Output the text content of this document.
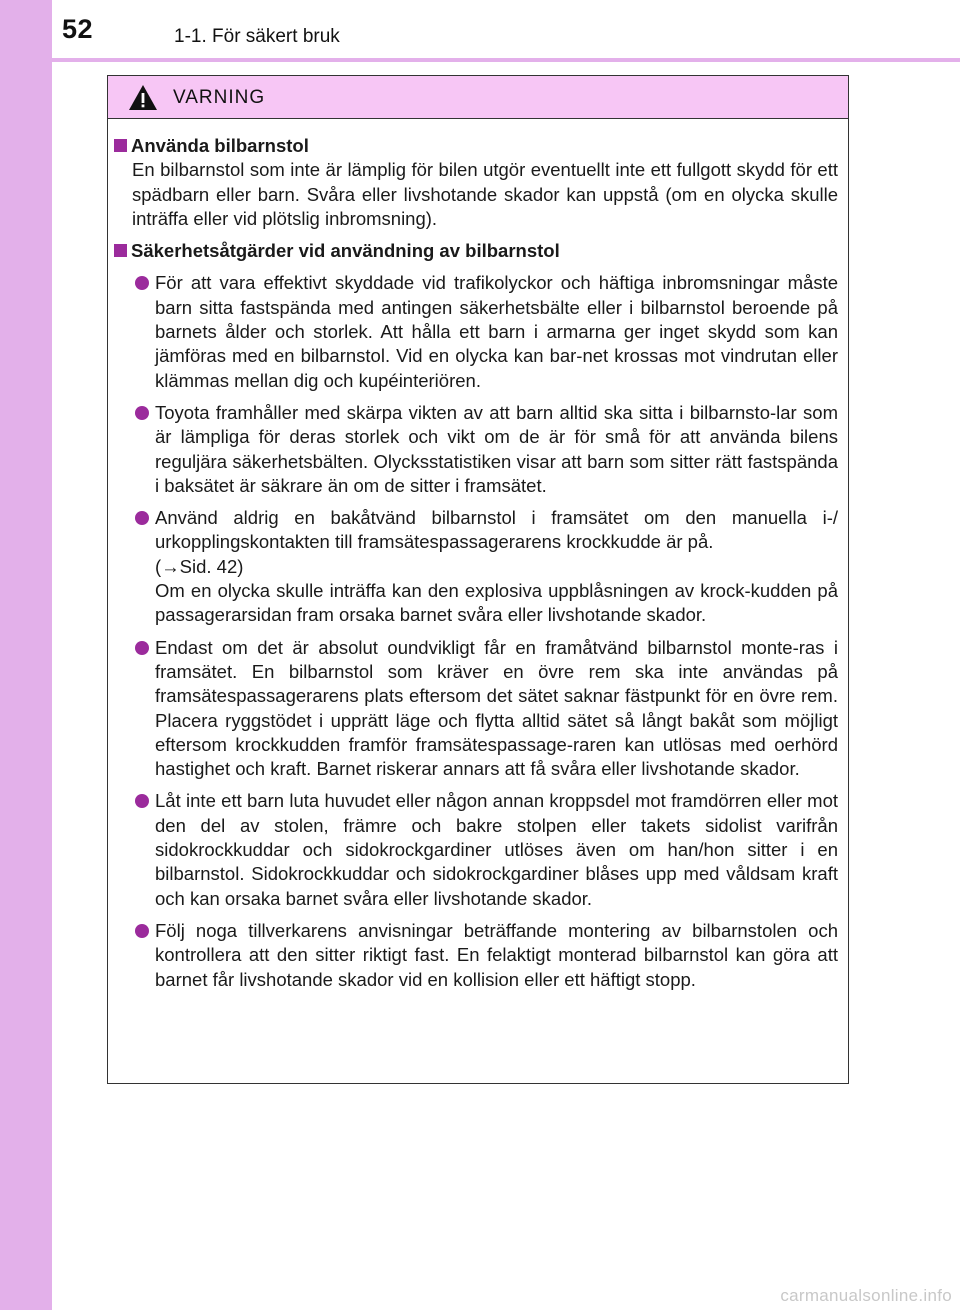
52	1-1. För säkert bruk
VARNING
Använda bilbarnstol
En bilbarnstol som inte är lämplig för bilen utgör eventuellt inte ett fullgott skydd för ett spädbarn eller barn. Svåra eller livshotande skador kan uppstå (om en olycka skulle inträffa eller vid plötslig inbromsning).
Säkerhetsåtgärder vid användning av bilbarnstol
För att vara effektivt skyddade vid trafikolyckor och häftiga inbromsningar måste barn sitta fastspända med antingen säkerhetsbälte eller i bilbarnstol beroende på barnets ålder och storlek. Att hålla ett barn i armarna ger inget skydd som kan jämföras med en bilbarnstol. Vid en olycka kan bar-net krossas mot vindrutan eller klämmas mellan dig och kupéinteriören.
Toyota framhåller med skärpa vikten av att barn alltid ska sitta i bilbarnsto-lar som är lämpliga för deras storlek och vikt om de är för små för att använda bilens reguljära säkerhetsbälten. Olycksstatistiken visar att barn som sitter rätt fastspända i baksätet är säkrare än om de sitter i framsätet.
Använd aldrig en bakåtvänd bilbarnstol i framsätet om den manuella i-/ urkopplingskontakten till framsätespassagerarens krockkudde är på.
(→Sid. 42)
Om en olycka skulle inträffa kan den explosiva uppblåsningen av krock-kudden på passagerarsidan fram orsaka barnet svåra eller livshotande skador.
Endast om det är absolut oundvikligt får en framåtvänd bilbarnstol monte-ras i framsätet. En bilbarnstol som kräver en övre rem ska inte användas på framsätespassagerarens plats eftersom det sätet saknar fästpunkt för en övre rem. Placera ryggstödet i upprätt läge och flytta alltid sätet så långt bakåt som möjligt eftersom krockkudden framför framsätespassage-raren kan utlösas med oerhörd hastighet och kraft. Barnet riskerar annars att få svåra eller livshotande skador.
Låt inte ett barn luta huvudet eller någon annan kroppsdel mot framdörren eller mot den del av stolen, främre och bakre stolpen eller takets sidolist varifrån sidokrockkuddar och sidokrockgardiner utlöses även om han/hon sitter i en bilbarnstol. Sidokrockkuddar och sidokrockgardiner blåses upp med våldsam kraft och kan orsaka barnet svåra eller livshotande skador.
Följ noga tillverkarens anvisningar beträffande montering av bilbarnstolen och kontrollera att den sitter riktigt fast. En felaktigt monterad bilbarnstol kan göra att barnet får livshotande skador vid en kollision eller ett häftigt stopp.
carmanualsonline.info
